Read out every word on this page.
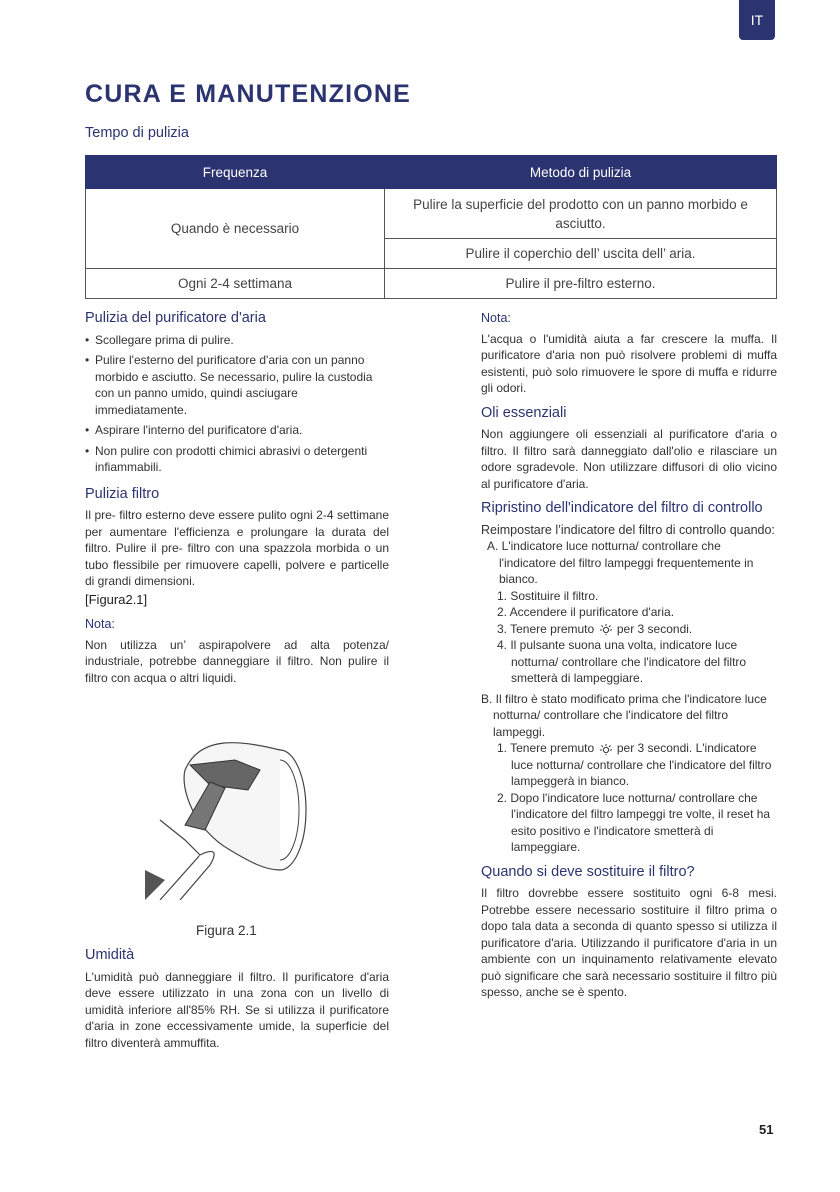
IT
CURA E MANUTENZIONE
Tempo di pulizia
Frequenza	Metodo di pulizia
Quando è necessario	Pulire la superficie del prodotto con un panno morbido e asciutto.
	Pulire il coperchio dell’ uscita dell’ aria.
Ogni 2-4 settimana	Pulire il pre-filtro esterno.
Pulizia del purificatore d'aria
• Scollegare prima di pulire.
• Pulire l'esterno del purificatore d'aria con un panno morbido e asciutto. Se necessario, pulire la custodia con un panno umido, quindi asciugare immediatamente.
• Aspirare l'interno del purificatore d'aria.
• Non pulire con prodotti chimici abrasivi o detergenti infiammabili.
Pulizia filtro

Il pre- filtro esterno deve essere pulito ogni 2-4 settimane per aumentare l'efficienza e prolungare la durata del filtro. Pulire il pre- filtro con una spazzola morbida o un tubo flessibile per rimuovere capelli, polvere e particelle di grandi dimensioni.

[Figura2.1]

Nota:

Non utilizza un’ aspirapolvere ad alta potenza/ industriale, potrebbe danneggiare il filtro. Non pulire il filtro con acqua o altri liquidi.

Figura 2.1
Umidità

L'umidità può danneggiare il filtro. Il purificatore d'aria deve essere utilizzato in una zona con un livello di umidità inferiore all'85% RH. Se si utilizza il purificatore d'aria in zone eccessivamente umide, la superficie del filtro diventerà ammuffita.

Nota:

L'acqua o l'umidità aiuta a far crescere la muffa. Il purificatore d'aria non può risolvere problemi di muffa esistenti, può solo rimuovere le spore di muffa e ridurre gli odori.

Oli essenziali

Non aggiungere oli essenziali al purificatore d'aria o filtro. Il filtro sarà danneggiato dall'olio e rilasciare un odore sgradevole. Non utilizzare diffusori di olio vicino al purificatore d'aria.

Ripristino dell'indicatore del filtro di controllo

Reimpostare l’indicatore del filtro di controllo quando:

A. L'indicatore luce notturna/ controllare che l'indicatore del filtro lampeggi frequentemente in bianco.

1. Sostituire il filtro.

2. Accendere il purificatore d'aria.

3. Tenere premuto per 3 secondi.

4. Il pulsante suona una volta, indicatore luce notturna/ controllare che l'indicatore del filtro smetterà di lampeggiare.

B. Il filtro è stato modificato prima che l'indicatore luce notturna/ controllare che l'indicatore del filtro lampeggi.

1. Tenere premuto per 3 secondi. L'indicatore luce notturna/ controllare che l'indicatore del filtro lampeggerà in bianco.

2. Dopo l'indicatore luce notturna/ controllare che l'indicatore del filtro lampeggi tre volte, il reset ha esito positivo e l'indicatore smetterà di lampeggiare.

Quando si deve sostituire il filtro?

Il filtro dovrebbe essere sostituito ogni 6-8 mesi. Potrebbe essere necessario sostituire il filtro prima o dopo tala data a seconda di quanto spesso si utilizza il purificatore d'aria. Utilizzando il purificatore d'aria in un ambiente con un inquinamento relativamente elevato può significare che sarà necessario sostituire il filtro più spesso, anche se è spento.

51
